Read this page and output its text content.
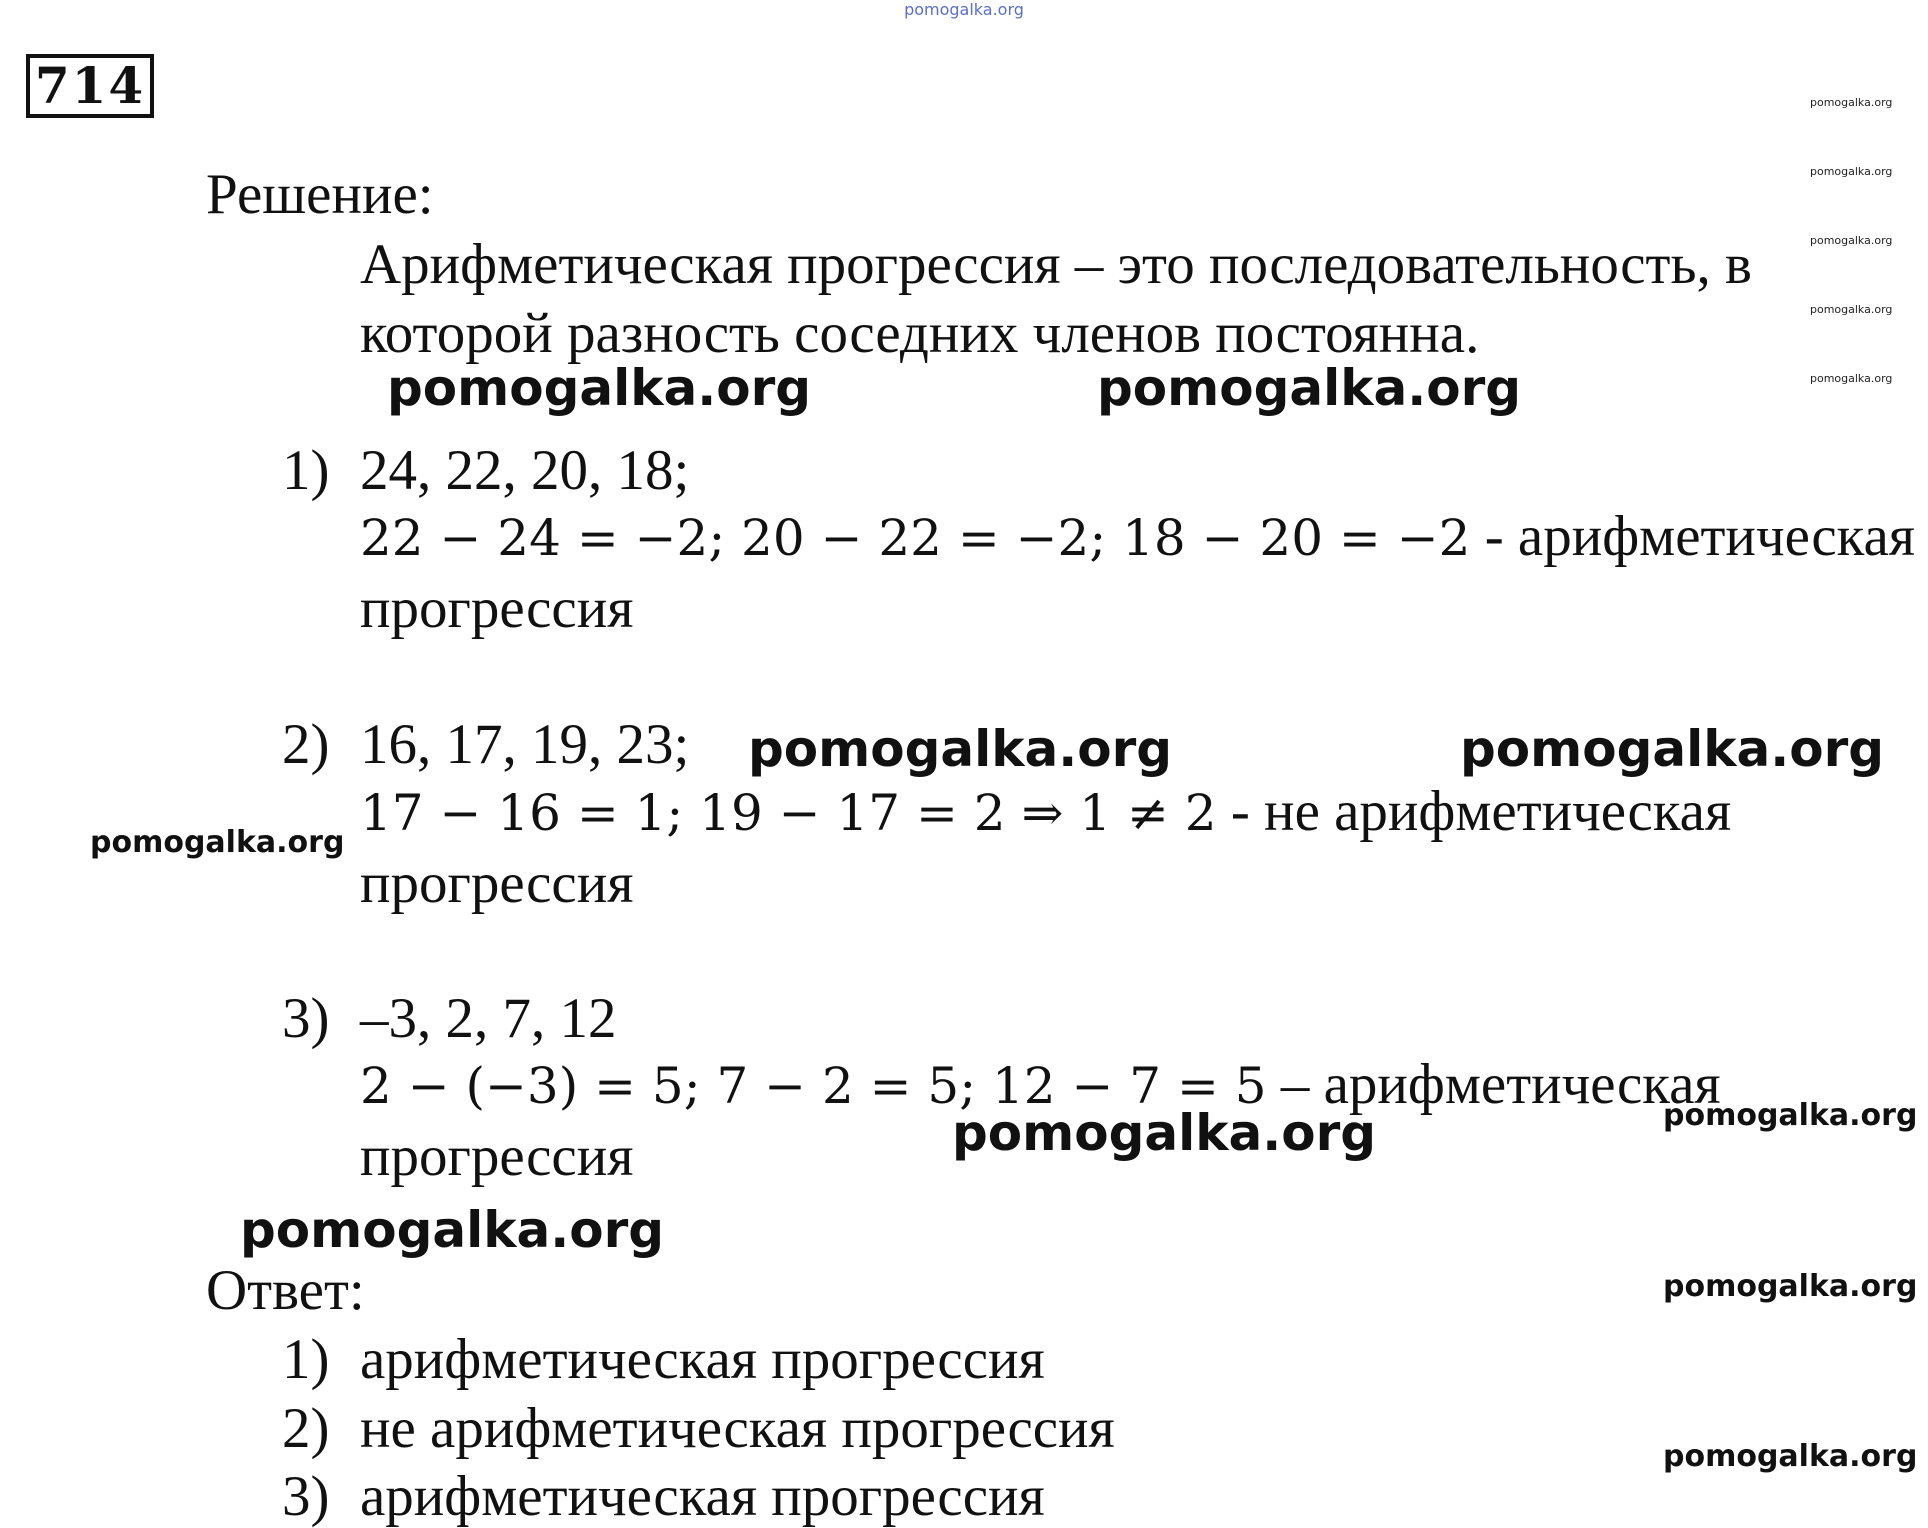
pomogalka.org
714	pomogalka.org
pomogalka.org
pomogalka.org
pomogalka.org
pomogalka.org
Решение:
Арифметическая прогрессия – это последовательность, в
которой разность соседних членов постоянна.
pomogalka.org	pomogalka.org
1) 24, 22, 20, 18;
22 − 24 = −2; 20 − 22 = −2; 18 − 20 = −2 - арифметическая
прогрессия
2) 16, 17, 19, 23;
17 − 16 = 1; 19 − 17 = 2 ⇒ 1 ≠ 2 - не арифметическая
прогрессия
pomogalka.org	pomogalka.org
pomogalka.org
3) –3, 2, 7, 12
2 − (−3) = 5; 7 − 2 = 5; 12 − 7 = 5 – арифметическая
прогрессия
pomogalka.org
pomogalka.org
pomogalka.org
Ответ:	pomogalka.org
1) арифметическая прогрессия
2) не арифметическая прогрессия	pomogalka.org
3) арифметическая прогрессия
